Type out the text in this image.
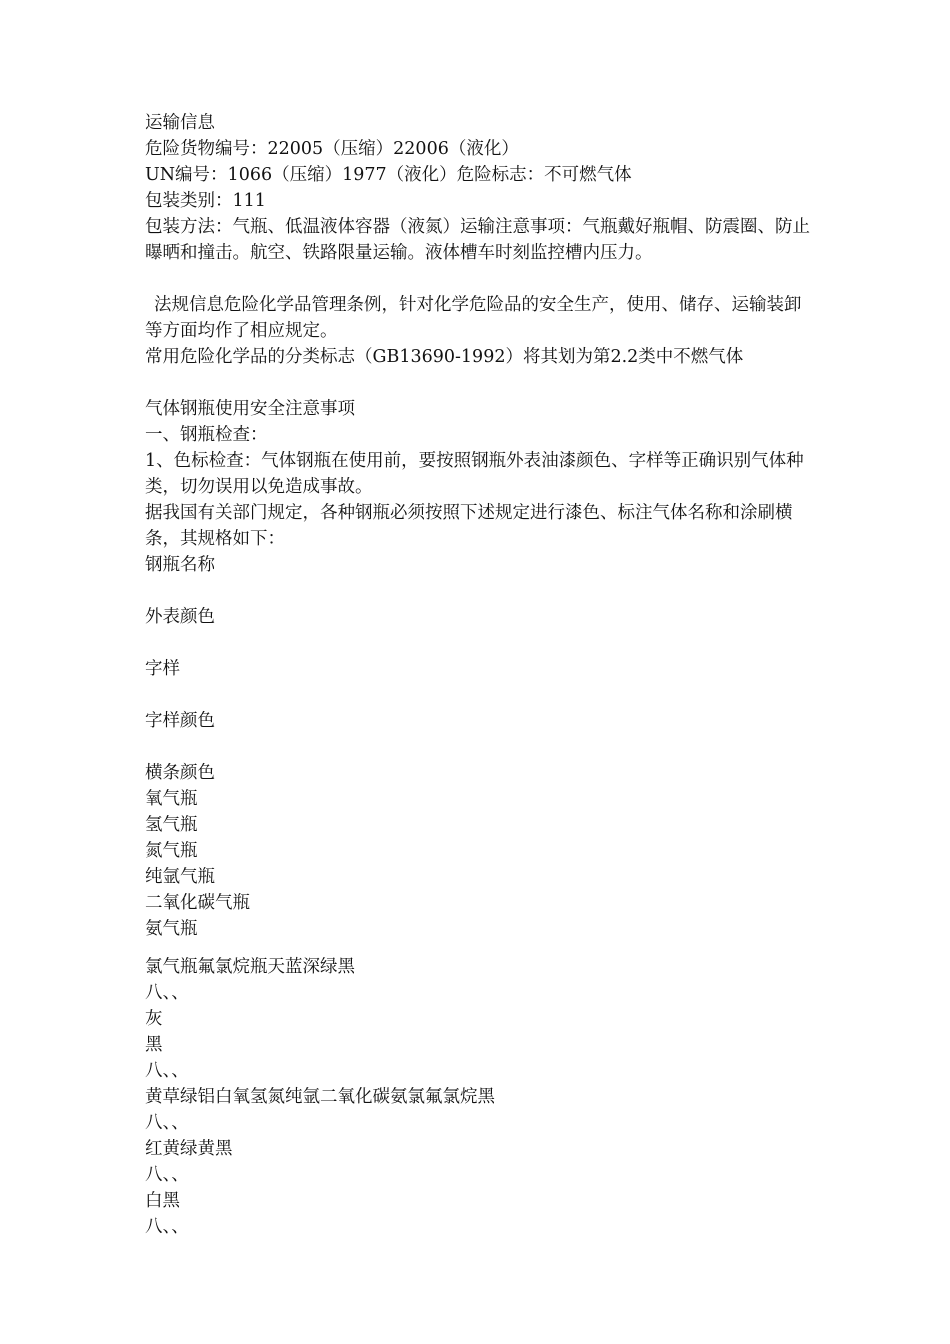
运输信息
危险货物编号：22005（压缩）22006（液化）
UN编号：1066（压缩）1977（液化）危险标志：不可燃气体
包装类别：111
包装方法：气瓶、低温液体容器（液氮）运输注意事项：气瓶戴好瓶帽、防震圈、防止曝晒和撞击。航空、铁路限量运输。液体槽车时刻监控槽内压力。
法规信息危险化学品管理条例，针对化学危险品的安全生产，使用、储存、运输装卸等方面均作了相应规定。
常用危险化学品的分类标志（GB13690-1992）将其划为第2.2类中不燃气体
气体钢瓶使用安全注意事项
一、钢瓶检查：
1、色标检查：气体钢瓶在使用前，要按照钢瓶外表油漆颜色、字样等正确识别气体种类，切勿误用以免造成事故。
据我国有关部门规定，各种钢瓶必须按照下述规定进行漆色、标注气体名称和涂刷横条，其规格如下：
钢瓶名称
外表颜色
字样
字样颜色
横条颜色
氧气瓶
氢气瓶
氮气瓶
纯氩气瓶
二氧化碳气瓶
氨气瓶
氯气瓶氟氯烷瓶天蓝深绿黑
八、、
灰
黑
八、、
黄草绿铝白氧氢氮纯氩二氧化碳氨氯氟氯烷黑
八、、
红黄绿黄黑
八、、
白黑
八、、
